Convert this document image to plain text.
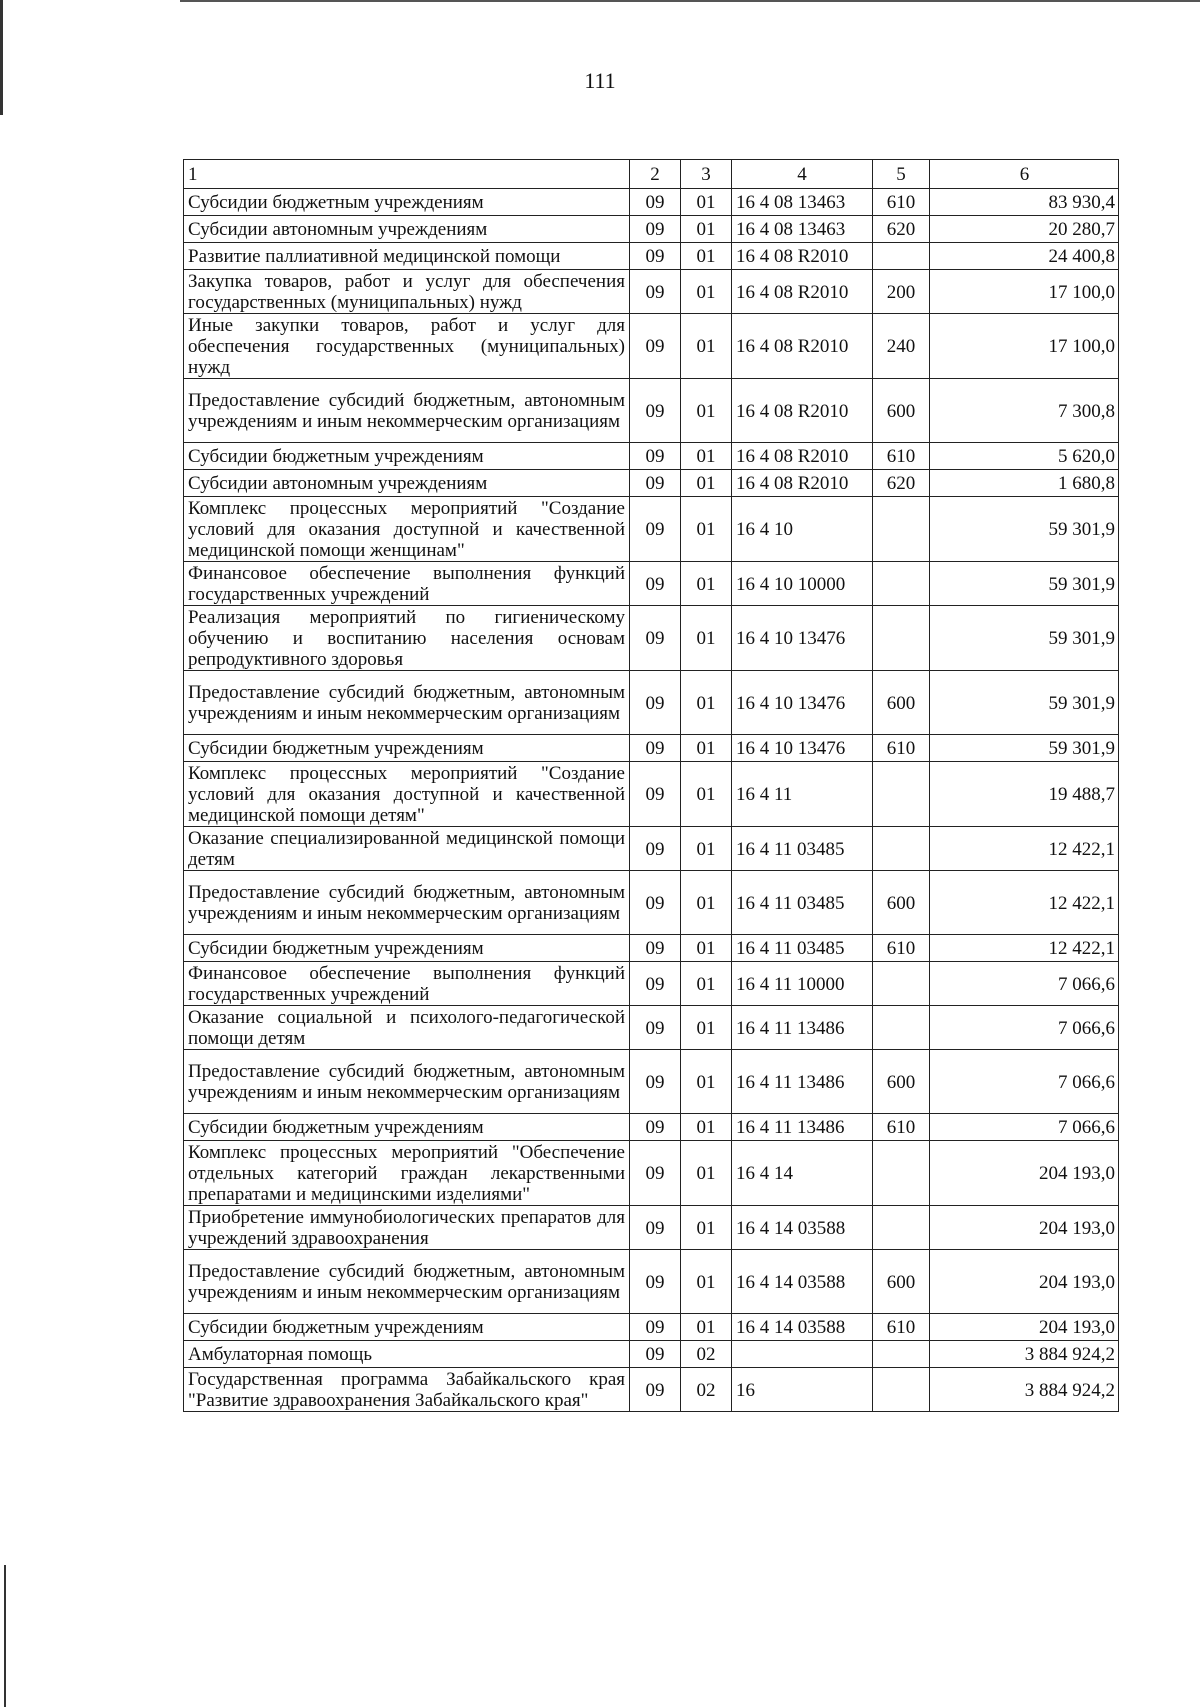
111
1	2	3	4	5	6
Субсидии бюджетным учреждениям	09	01	16 4 08 13463	610	83 930,4
Субсидии автономным учреждениям	09	01	16 4 08 13463	620	20 280,7
Развитие паллиативной медицинской помощи	09	01	16 4 08 R2010		24 400,8
Закупка товаров, работ и услуг для обеспечения государственных (муниципальных) нужд	09	01	16 4 08 R2010	200	17 100,0
Иные закупки товаров, работ и услуг для обеспечения государственных (муниципальных) нужд	09	01	16 4 08 R2010	240	17 100,0
Предоставление субсидий бюджетным, автономным учреждениям и иным некоммерческим организациям	09	01	16 4 08 R2010	600	7 300,8
Субсидии бюджетным учреждениям	09	01	16 4 08 R2010	610	5 620,0
Субсидии автономным учреждениям	09	01	16 4 08 R2010	620	1 680,8
Комплекс процессных мероприятий "Создание условий для оказания доступной и качественной медицинской помощи женщинам"	09	01	16 4 10		59 301,9
Финансовое обеспечение выполнения функций государственных учреждений	09	01	16 4 10 10000		59 301,9
Реализация мероприятий по гигиеническому обучению и воспитанию населения основам репродуктивного здоровья	09	01	16 4 10 13476		59 301,9
Предоставление субсидий бюджетным, автономным учреждениям и иным некоммерческим организациям	09	01	16 4 10 13476	600	59 301,9
Субсидии бюджетным учреждениям	09	01	16 4 10 13476	610	59 301,9
Комплекс процессных мероприятий "Создание условий для оказания доступной и качественной медицинской помощи детям"	09	01	16 4 11		19 488,7
Оказание специализированной медицинской помощи детям	09	01	16 4 11 03485		12 422,1
Предоставление субсидий бюджетным, автономным учреждениям и иным некоммерческим организациям	09	01	16 4 11 03485	600	12 422,1
Субсидии бюджетным учреждениям	09	01	16 4 11 03485	610	12 422,1
Финансовое обеспечение выполнения функций государственных учреждений	09	01	16 4 11 10000		7 066,6
Оказание социальной и психолого-педагогической помощи детям	09	01	16 4 11 13486		7 066,6
Предоставление субсидий бюджетным, автономным учреждениям и иным некоммерческим организациям	09	01	16 4 11 13486	600	7 066,6
Субсидии бюджетным учреждениям	09	01	16 4 11 13486	610	7 066,6
Комплекс процессных мероприятий "Обеспечение отдельных категорий граждан лекарственными препаратами и медицинскими изделиями"	09	01	16 4 14		204 193,0
Приобретение иммунобиологических препаратов для учреждений здравоохранения	09	01	16 4 14 03588		204 193,0
Предоставление субсидий бюджетным, автономным учреждениям и иным некоммерческим организациям	09	01	16 4 14 03588	600	204 193,0
Субсидии бюджетным учреждениям	09	01	16 4 14 03588	610	204 193,0
Амбулаторная помощь	09	02			3 884 924,2
Государственная программа Забайкальского края "Развитие здравоохранения Забайкальского края"	09	02	16		3 884 924,2
